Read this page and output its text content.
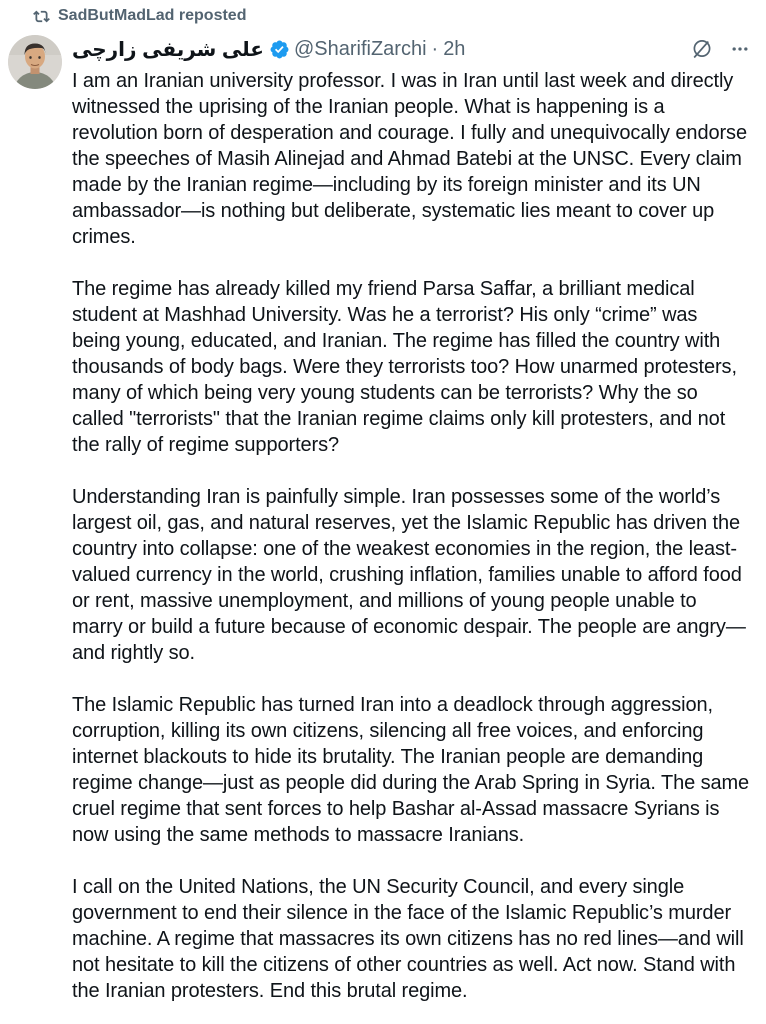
SadButMadLad reposted
علی شریفی زارچی @SharifiZarchi · 2h

I am an Iranian university professor. I was in Iran until last week and directly witnessed the uprising of the Iranian people. What is happening is a revolution born of desperation and courage. I fully and unequivocally endorse the speeches of Masih Alinejad and Ahmad Batebi at the UNSC. Every claim made by the Iranian regime—including by its foreign minister and its UN ambassador—is nothing but deliberate, systematic lies meant to cover up crimes.

The regime has already killed my friend Parsa Saffar, a brilliant medical student at Mashhad University. Was he a terrorist? His only “crime” was being young, educated, and Iranian. The regime has filled the country with thousands of body bags. Were they terrorists too? How unarmed protesters, many of which being very young students can be terrorists? Why the so called "terrorists" that the Iranian regime claims only kill protesters, and not the rally of regime supporters?

Understanding Iran is painfully simple. Iran possesses some of the world’s largest oil, gas, and natural reserves, yet the Islamic Republic has driven the country into collapse: one of the weakest economies in the region, the least-valued currency in the world, crushing inflation, families unable to afford food or rent, massive unemployment, and millions of young people unable to marry or build a future because of economic despair. The people are angry—and rightly so.

The Islamic Republic has turned Iran into a deadlock through aggression, corruption, killing its own citizens, silencing all free voices, and enforcing internet blackouts to hide its brutality. The Iranian people are demanding regime change—just as people did during the Arab Spring in Syria. The same cruel regime that sent forces to help Bashar al-Assad massacre Syrians is now using the same methods to massacre Iranians.

I call on the United Nations, the UN Security Council, and every single government to end their silence in the face of the Islamic Republic’s murder machine. A regime that massacres its own citizens has no red lines—and will not hesitate to kill the citizens of other countries as well. Act now. Stand with the Iranian protesters. End this brutal regime.
